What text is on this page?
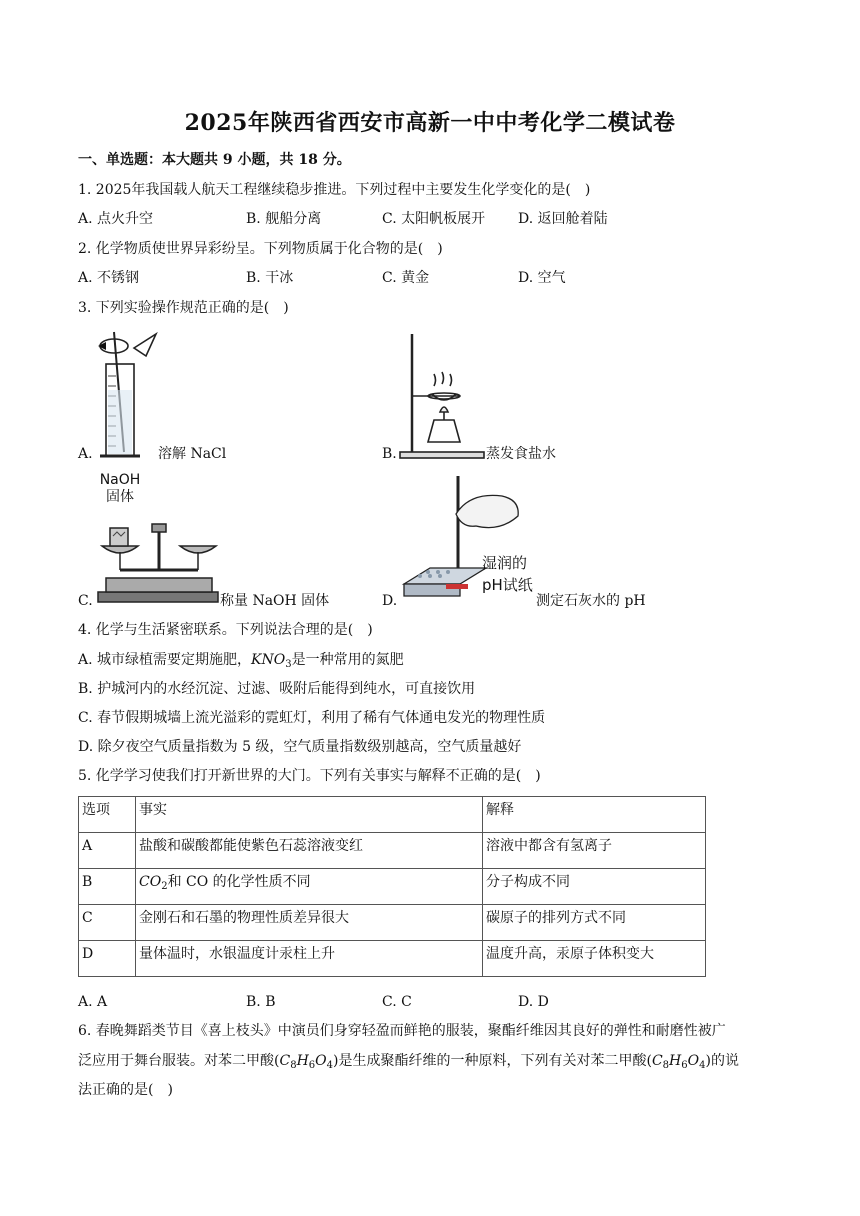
2025年陕西省西安市高新一中中考化学二模试卷
一、单选题：本大题共 9 小题，共 18 分。
1. 2025年我国载人航天工程继续稳步推进。下列过程中主要发生化学变化的是(　)
A. 点火升空	B. 舰船分离	C. 太阳帆板展开 D. 返回舱着陆
2. 化学物质使世界异彩纷呈。下列物质属于化合物的是(　)
A. 不锈钢	B. 干冰	C. 黄金	D. 空气
3. 下列实验操作规范正确的是(　)
A.	溶解 NaCl	B.	蒸发食盐水
NaOH
固体
C.	称量 NaOH 固体
湿润的
pH试纸
D.	测定石灰水的 pH
4. 化学与生活紧密联系。下列说法合理的是(　)
A. 城市绿植需要定期施肥，$KNO_3$是一种常用的氮肥
B. 护城河内的水经沉淀、过滤、吸附后能得到纯水，可直接饮用
C. 春节假期城墙上流光溢彩的霓虹灯，利用了稀有气体通电发光的物理性质
D. 除夕夜空气质量指数为 5 级，空气质量指数级别越高，空气质量越好
5. 化学学习使我们打开新世界的大门。下列有关事实与解释不正确的是(　)
选项	事实	解释
A	盐酸和碳酸都能使紫色石蕊溶液变红	溶液中都含有氢离子
B	$CO_2$和 CO 的化学性质不同	分子构成不同
C	金刚石和石墨的物理性质差异很大	碳原子的排列方式不同
D	量体温时，水银温度计汞柱上升	温度升高，汞原子体积变大
A. A	B. B	C. C	D. D
6. 春晚舞蹈类节目《喜上枝头》中演员们身穿轻盈而鲜艳的服装，聚酯纤维因其良好的弹性和耐磨性被广
泛应用于舞台服装。对苯二甲酸$(C_8H_6O_4)$是生成聚酯纤维的一种原料，下列有关对苯二甲酸$(C_8H_6O_4)$的说
法正确的是(　)
